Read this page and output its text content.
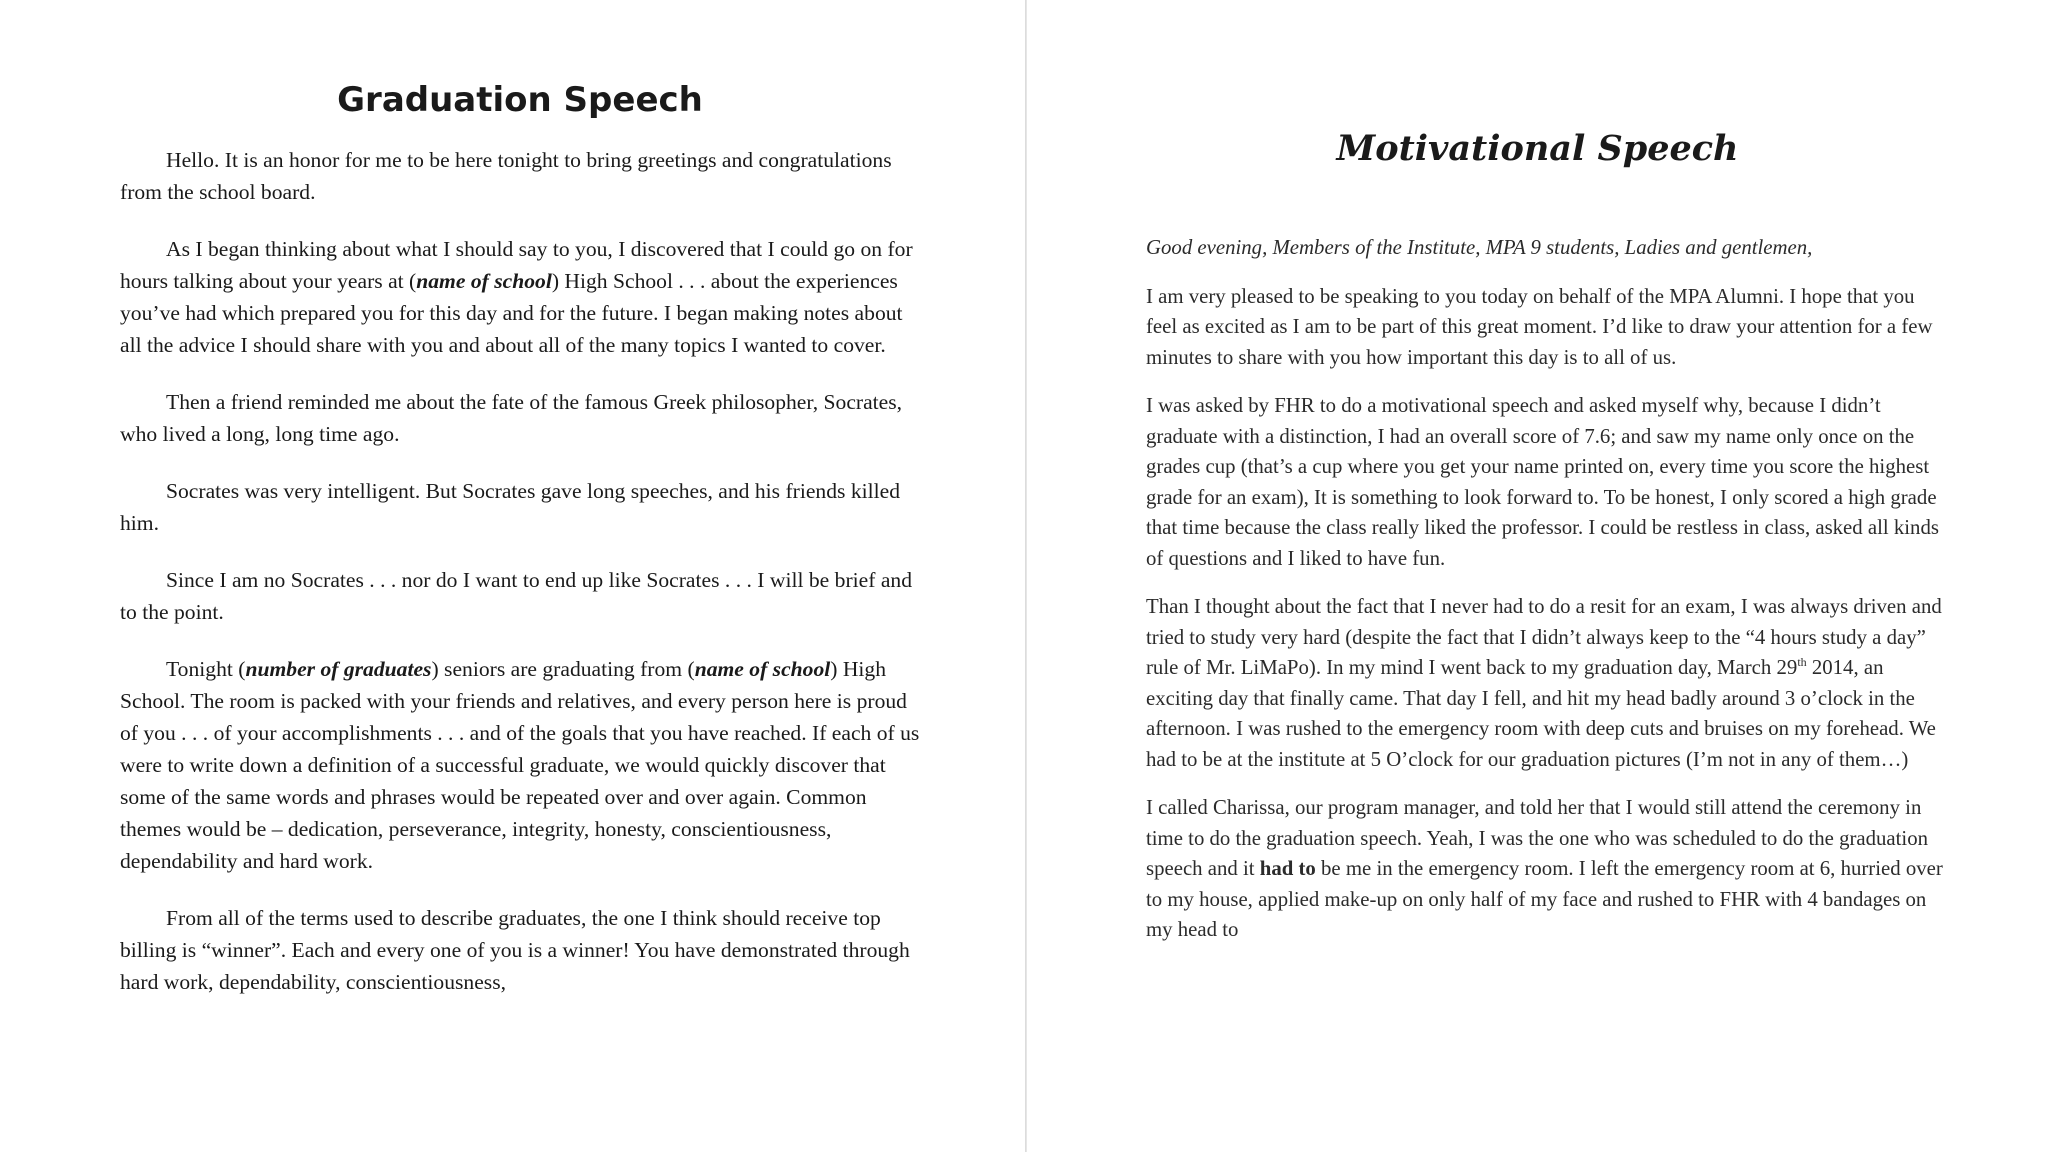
Graduation Speech

Hello. It is an honor for me to be here tonight to bring greetings and congratulations from the school board.

As I began thinking about what I should say to you, I discovered that I could go on for hours talking about your years at (name of school) High School . . . about the experiences you’ve had which prepared you for this day and for the future. I began making notes about all the advice I should share with you and about all of the many topics I wanted to cover.

Then a friend reminded me about the fate of the famous Greek philosopher, Socrates, who lived a long, long time ago.

Socrates was very intelligent. But Socrates gave long speeches, and his friends killed him.

Since I am no Socrates . . . nor do I want to end up like Socrates . . . I will be brief and to the point.

Tonight (number of graduates) seniors are graduating from (name of school) High School. The room is packed with your friends and relatives, and every person here is proud of you . . . of your accomplishments . . . and of the goals that you have reached. If each of us were to write down a definition of a successful graduate, we would quickly discover that some of the same words and phrases would be repeated over and over again. Common themes would be – dedication, perseverance, integrity, honesty, conscientiousness, dependability and hard work.

From all of the terms used to describe graduates, the one I think should receive top billing is “winner”. Each and every one of you is a winner! You have demonstrated through hard work, dependability, conscientiousness,

Motivational Speech

Good evening, Members of the Institute, MPA 9 students, Ladies and gentlemen,

I am very pleased to be speaking to you today on behalf of the MPA Alumni. I hope that you feel as excited as I am to be part of this great moment. I’d like to draw your attention for a few minutes to share with you how important this day is to all of us.

I was asked by FHR to do a motivational speech and asked myself why, because I didn’t graduate with a distinction, I had an overall score of 7.6; and saw my name only once on the grades cup (that’s a cup where you get your name printed on, every time you score the highest grade for an exam), It is something to look forward to. To be honest, I only scored a high grade that time because the class really liked the professor. I could be restless in class, asked all kinds of questions and I liked to have fun.

Than I thought about the fact that I never had to do a resit for an exam, I was always driven and tried to study very hard (despite the fact that I didn’t always keep to the “4 hours study a day” rule of Mr. LiMaPo). In my mind I went back to my graduation day, March 29th 2014, an exciting day that finally came. That day I fell, and hit my head badly around 3 o’clock in the afternoon. I was rushed to the emergency room with deep cuts and bruises on my forehead. We had to be at the institute at 5 O’clock for our graduation pictures (I’m not in any of them…)

I called Charissa, our program manager, and told her that I would still attend the ceremony in time to do the graduation speech. Yeah, I was the one who was scheduled to do the graduation speech and it had to be me in the emergency room. I left the emergency room at 6, hurried over to my house, applied make-up on only half of my face and rushed to FHR with 4 bandages on my head to
